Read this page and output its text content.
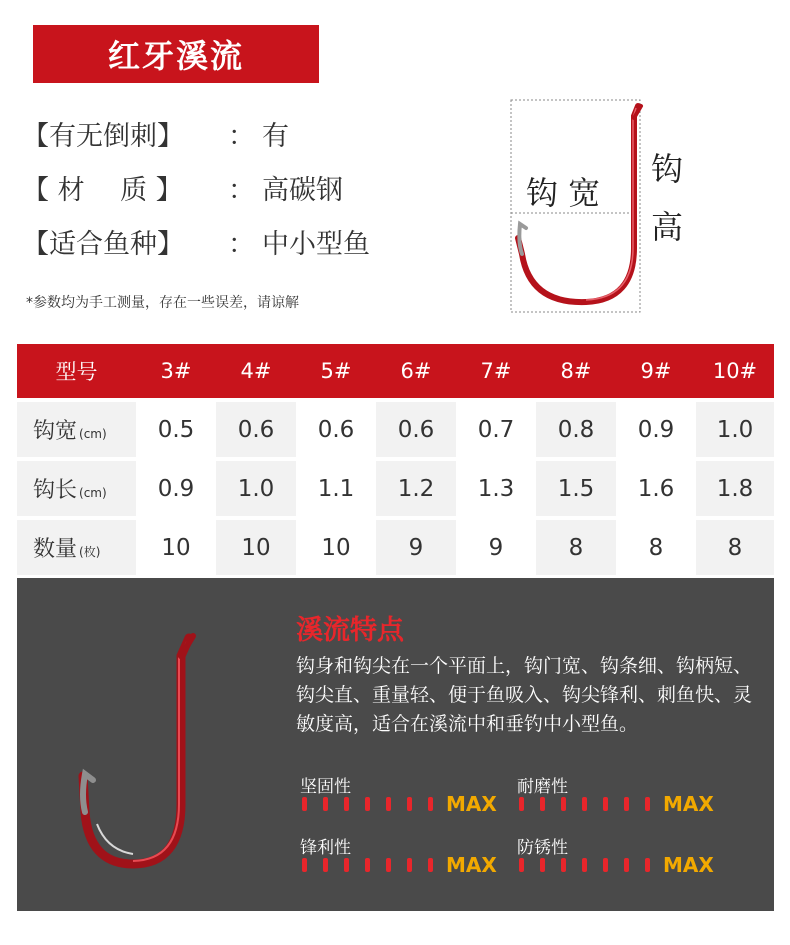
红牙溪流
【有无倒刺】 ： 有
【 材　 质 】 ： 高碳钢
【适合鱼种】 ： 中小型鱼
*参数均为手工测量，存在一些误差，请谅解
钩 宽
钩
高
型号	3#	4#	5#	6#	7#	8#	9#	10#
钩宽 (cm)	0.5	0.6	0.6	0.6	0.7	0.8	0.9	1.0
钩长 (cm)	0.9	1.0	1.1	1.2	1.3	1.5	1.6	1.8
数量 (枚)	10	10	10	9	9	8	8	8
溪流特点
钩身和钩尖在一个平面上，钩门宽、钩条细、钩柄短、钩尖直、重量轻、便于鱼吸入、钩尖锋利、刺鱼快、灵敏度高，适合在溪流中和垂钓中小型鱼。
坚固性
MAX
耐磨性
MAX
锋利性
MAX
防锈性
MAX
